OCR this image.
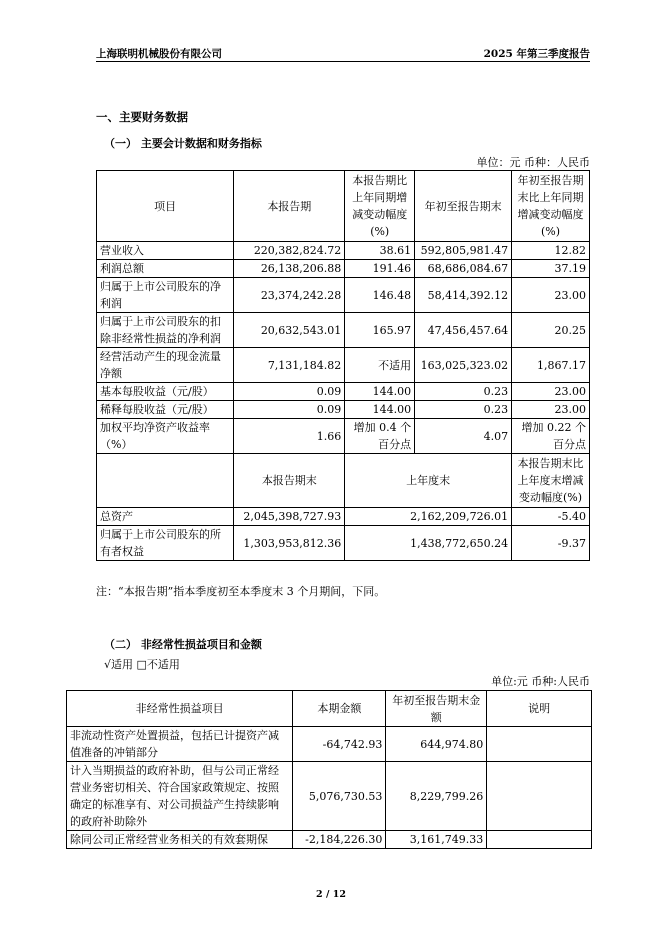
上海联明机械股份有限公司	2025 年第三季度报告
一、主要财务数据
（一） 主要会计数据和财务指标
单位：元 币种：人民币
项目	本报告期	本报告期比上年同期增减变动幅度(%)	年初至报告期末	年初至报告期末比上年同期增减变动幅度(%)
营业收入	220,382,824.72	38.61	592,805,981.47	12.82
利润总额	26,138,206.88	191.46	68,686,084.67	37.19
归属于上市公司股东的净利润	23,374,242.28	146.48	58,414,392.12	23.00
归属于上市公司股东的扣除非经常性损益的净利润	20,632,543.01	165.97	47,456,457.64	20.25
经营活动产生的现金流量净额	7,131,184.82	不适用	163,025,323.02	1,867.17
基本每股收益（元/股）	0.09	144.00	0.23	23.00
稀释每股收益（元/股）	0.09	144.00	0.23	23.00
加权平均净资产收益率（%）	1.66	增加 0.4 个百分点	4.07	增加 0.22 个百分点
	本报告期末	上年度末		本报告期末比上年度末增减变动幅度(%)
总资产	2,045,398,727.93	2,162,209,726.01		-5.40
归属于上市公司股东的所有者权益	1,303,953,812.36	1,438,772,650.24		-9.37
注：“本报告期”指本季度初至本季度末 3 个月期间，下同。
（二） 非经常性损益项目和金额
√适用 □不适用
单位:元 币种:人民币
非经常性损益项目	本期金额	年初至报告期末金额	说明
非流动性资产处置损益，包括已计提资产减值准备的冲销部分	-64,742.93	644,974.80	
计入当期损益的政府补助，但与公司正常经营业务密切相关、符合国家政策规定、按照确定的标准享有、对公司损益产生持续影响的政府补助除外	5,076,730.53	8,229,799.26	
除同公司正常经营业务相关的有效套期保	-2,184,226.30	3,161,749.33	
2 / 12
